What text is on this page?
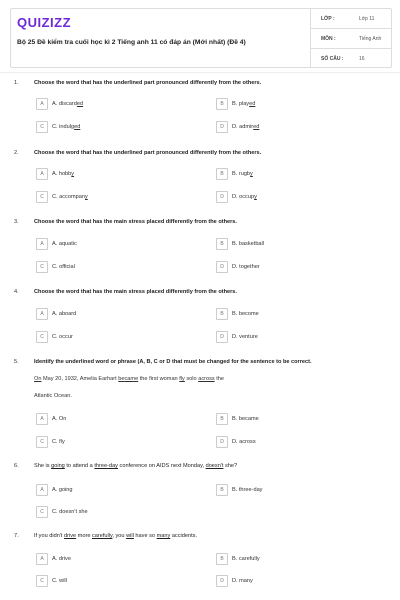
QUIZIZZ
Bộ 25 Đề kiểm tra cuối học kì 2 Tiếng anh 11 có đáp án (Mới nhất) (Đề 4)
LỚP :	Lớp 11
MÔN :	Tiếng Anh
SỐ CÂU :	16
1.	Choose the word that has the underlined part pronounced differently from the others.
A A. discarded	B B. played
C C. indulged	D D. admired
2.	Choose the word that has the underlined part pronounced differently from the others.
A A. hobby	B B. rugby
C C. accompany	D D. occupy
3.	Choose the word that has the main stress placed differently from the others.
A A. aquatic	B B. basketball
C C. official	D D. together
4.	Choose the word that has the main stress placed differently from the others.
A A. aboard	B B. become
C C. occur	D D. venture
5.	Identify the underlined word or phrase (A, B, C or D that must be changed for the sentence to be correct.
On May 20, 1932, Amelia Earhart became the first woman fly solo across the
Atlantic Ocean.
A A. On	B B. became
C C. fly	D D. across
6.	She is going to attend a three-day conference on AIDS next Monday, doesn't she?
A A. going	B B. three-day
C C. doesn't she
7.	If you didn't drive more carefully, you will have so many accidents.
A A. drive	B B. carefully
C C. will	D D. many
